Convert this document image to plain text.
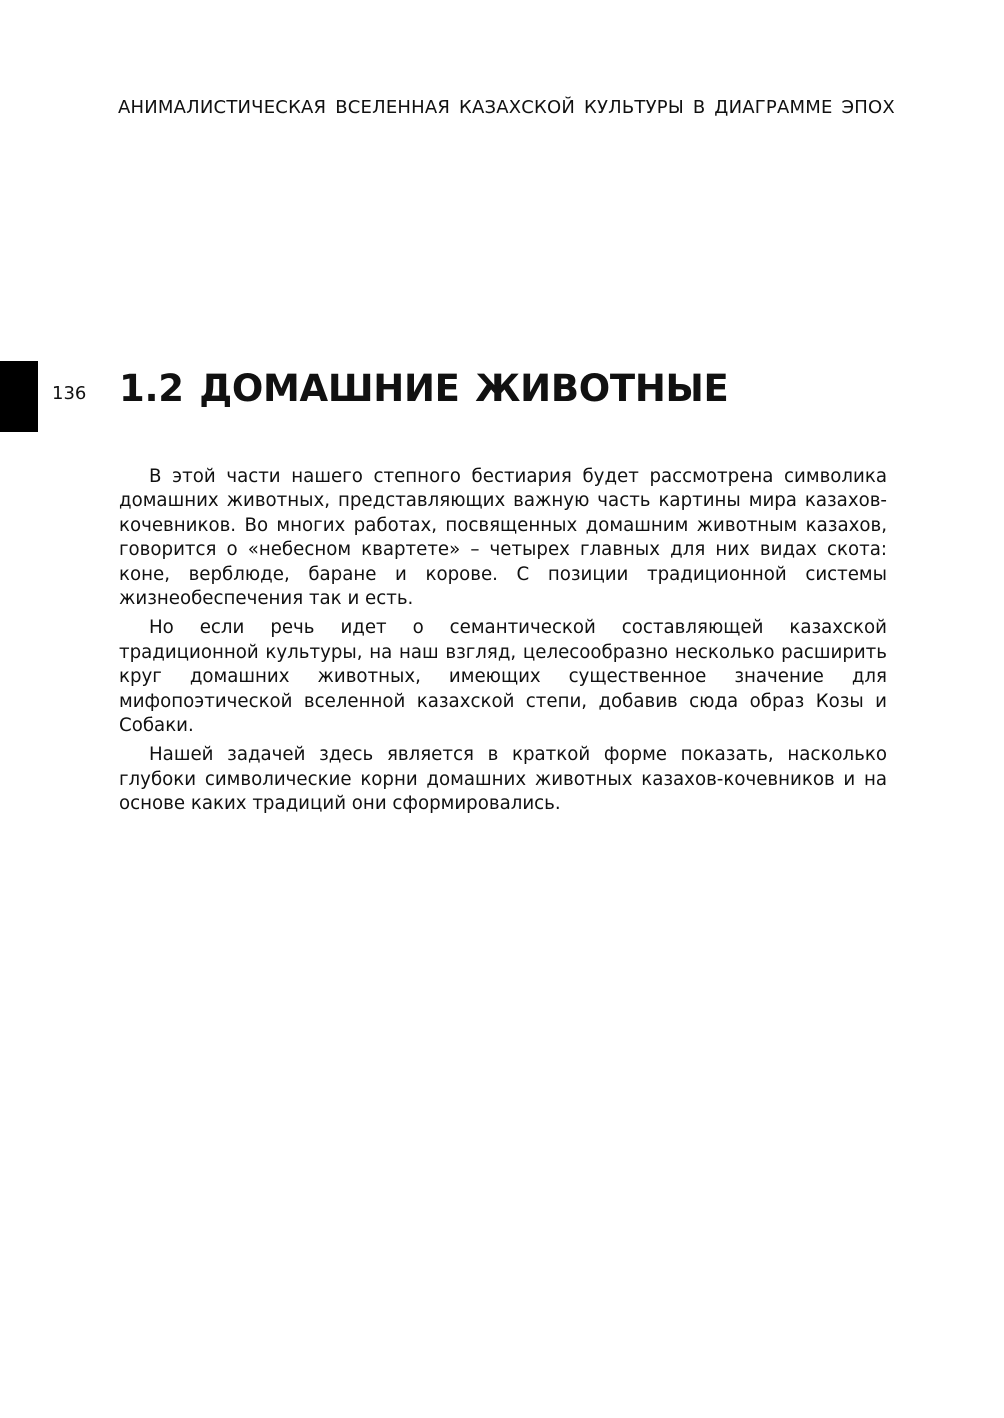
АНИМАЛИСТИЧЕСКАЯ ВСЕЛЕННАЯ КАЗАХСКОЙ КУЛЬТУРЫ В ДИАГРАММЕ ЭПОХ
136 1.2 ДОМАШНИЕ ЖИВОТНЫЕ

В этой части нашего степного бестиария будет рассмотрена символика домашних животных, представляющих важную часть картины мира казахов-кочевников. Во многих работах, посвященных домашним животным казахов, говорится о «небесном квартете» – четырех главных для них видах скота: коне, верблюде, баране и корове. С позиции традиционной системы жизнеобеспечения так и есть.

Но если речь идет о семантической составляющей казахской традиционной культуры, на наш взгляд, целесообразно несколько расширить круг домашних животных, имеющих существенное значение для мифопоэтической вселенной казахской степи, добавив сюда образ Козы и Собаки.

Нашей задачей здесь является в краткой форме показать, насколько глубоки символические корни домашних животных казахов-кочевников и на основе каких традиций они сформировались.
